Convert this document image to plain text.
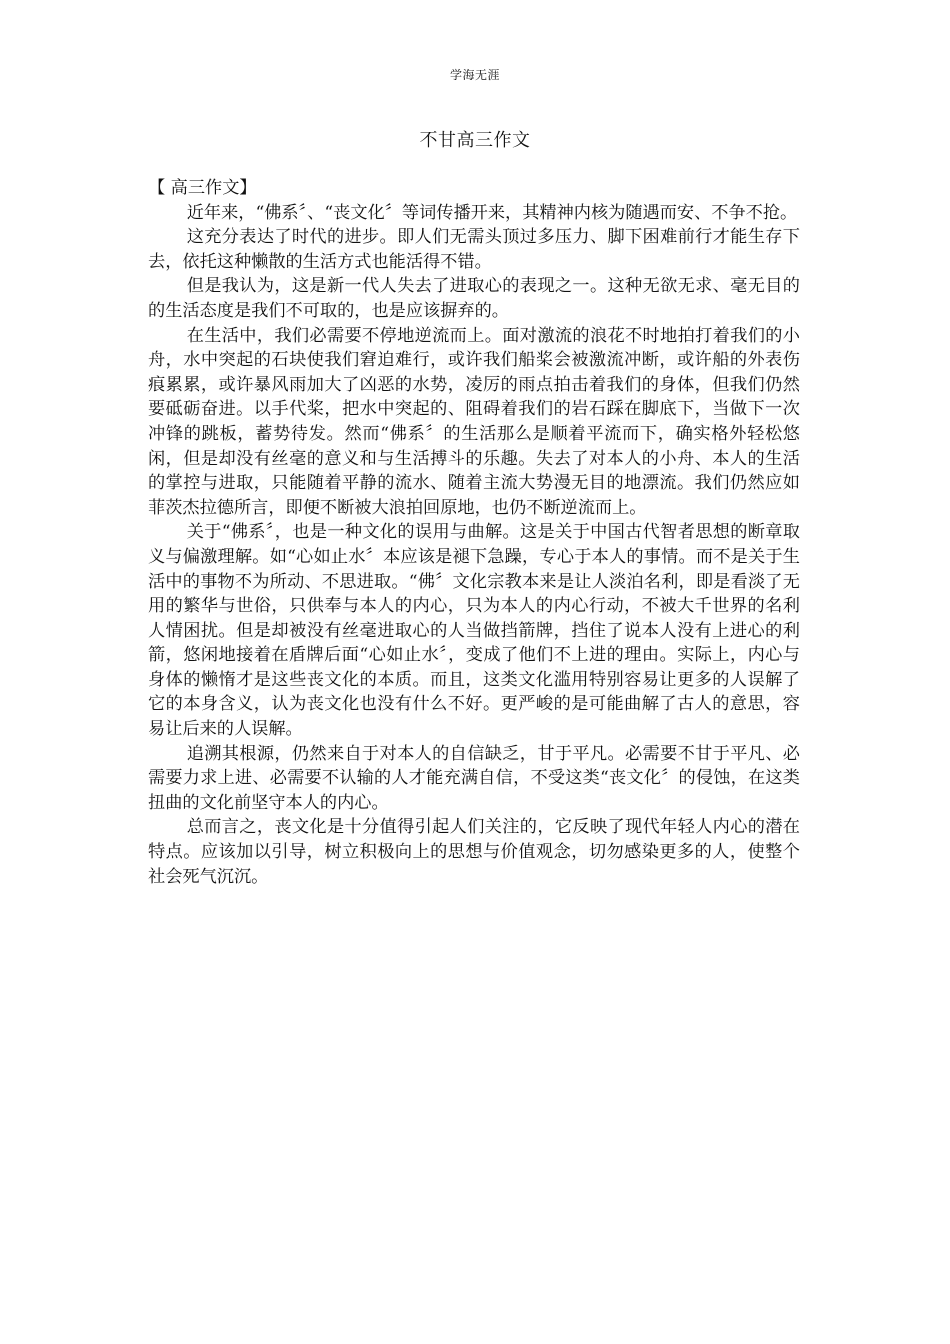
学海无涯
不甘高三作文

【 高三作文】

近年来，“佛系〞、“丧文化〞等词传播开来，其精神内核为随遇而安、不争不抢。

这充分表达了时代的进步。即人们无需头顶过多压力、脚下困难前行才能生存下去，依托这种懒散的生活方式也能活得不错。

但是我认为，这是新一代人失去了进取心的表现之一。这种无欲无求、毫无目的的生活态度是我们不可取的，也是应该摒弃的。

在生活中，我们必需要不停地逆流而上。面对激流的浪花不时地拍打着我们的小舟，水中突起的石块使我们窘迫难行，或许我们船桨会被激流冲断，或许船的外表伤痕累累，或许暴风雨加大了凶恶的水势，凌厉的雨点拍击着我们的身体，但我们仍然要砥砺奋进。以手代桨，把水中突起的、阻碍着我们的岩石踩在脚底下，当做下一次冲锋的跳板，蓄势待发。然而“佛系〞的生活那么是顺着平流而下，确实格外轻松悠闲，但是却没有丝毫的意义和与生活搏斗的乐趣。失去了对本人的小舟、本人的生活的掌控与进取，只能随着平静的流水、随着主流大势漫无目的地漂流。我们仍然应如菲茨杰拉德所言，即便不断被大浪拍回原地，也仍不断逆流而上。

关于“佛系〞，也是一种文化的误用与曲解。这是关于中国古代智者思想的断章取义与偏激理解。如“心如止水〞本应该是褪下急躁，专心于本人的事情。而不是关于生活中的事物不为所动、不思进取。“佛〞文化宗教本来是让人淡泊名利，即是看淡了无用的繁华与世俗，只供奉与本人的内心，只为本人的内心行动，不被大千世界的名利人情困扰。但是却被没有丝毫进取心的人当做挡箭牌，挡住了说本人没有上进心的利箭，悠闲地接着在盾牌后面“心如止水〞，变成了他们不上进的理由。实际上，内心与身体的懒惰才是这些丧文化的本质。而且，这类文化滥用特别容易让更多的人误解了它的本身含义，认为丧文化也没有什么不好。更严峻的是可能曲解了古人的意思，容易让后来的人误解。

追溯其根源，仍然来自于对本人的自信缺乏，甘于平凡。必需要不甘于平凡、必需要力求上进、必需要不认输的人才能充满自信，不受这类“丧文化〞的侵蚀，在这类扭曲的文化前坚守本人的内心。

总而言之，丧文化是十分值得引起人们关注的，它反映了现代年轻人内心的潜在特点。应该加以引导，树立积极向上的思想与价值观念，切勿感染更多的人，使整个社会死气沉沉。
